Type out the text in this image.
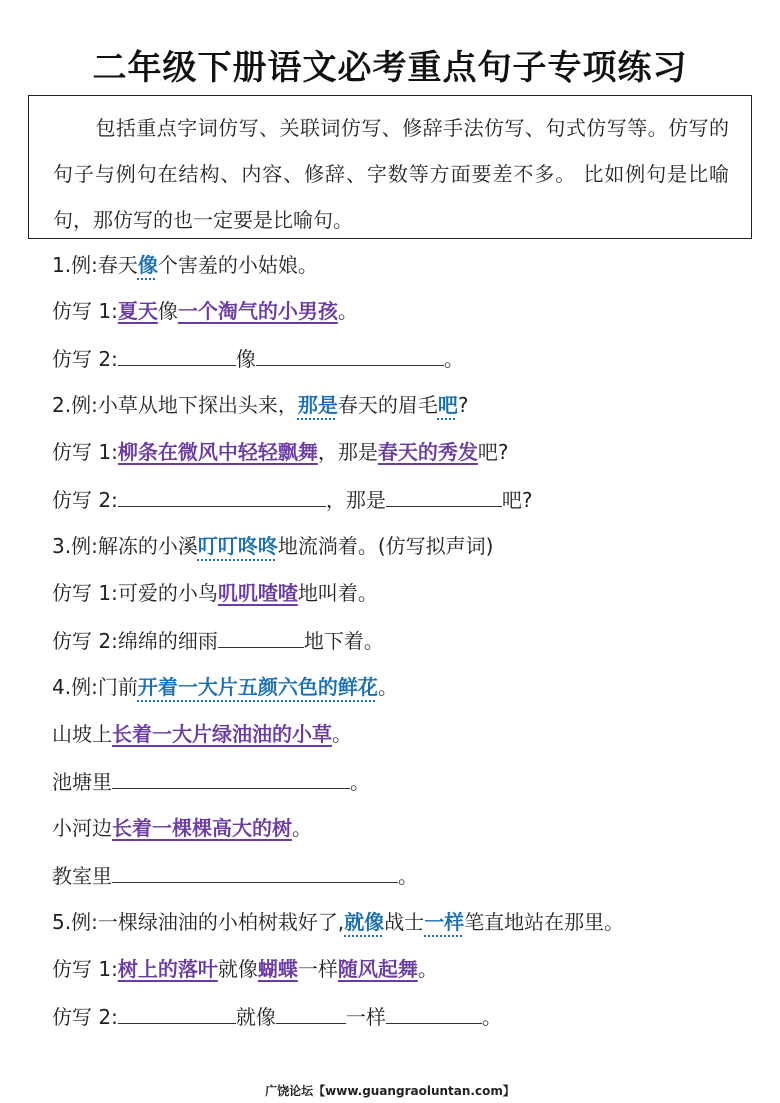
二年级下册语文必考重点句子专项练习
包括重点字词仿写、关联词仿写、修辞手法仿写、句式仿写等。仿写的句子与例句在结构、内容、修辞、字数等方面要差不多。 比如例句是比喻句，那仿写的也一定要是比喻句。
1.例:春天像个害羞的小姑娘。
仿写 1:夏天像一个淘气的小男孩。
仿写 2:	像	。
2.例:小草从地下探出头来，那是春天的眉毛吧?
仿写 1:柳条在微风中轻轻飘舞，那是春天的秀发吧?
仿写 2:	，那是	吧?
3.例:解冻的小溪叮叮咚咚地流淌着。(仿写拟声词)
仿写 1:可爱的小鸟叽叽喳喳地叫着。
仿写 2:绵绵的细雨	地下着。
4.例:门前开着一大片五颜六色的鲜花。
山坡上长着一大片绿油油的小草。
池塘里	。
小河边长着一棵棵高大的树。
教室里	。
5.例:一棵绿油油的小柏树栽好了,就像战士一样笔直地站在那里。
仿写 1:树上的落叶就像蝴蝶一样随风起舞。
仿写 2:	就像	一样	。
广饶论坛【www.guangraoluntan.com】
